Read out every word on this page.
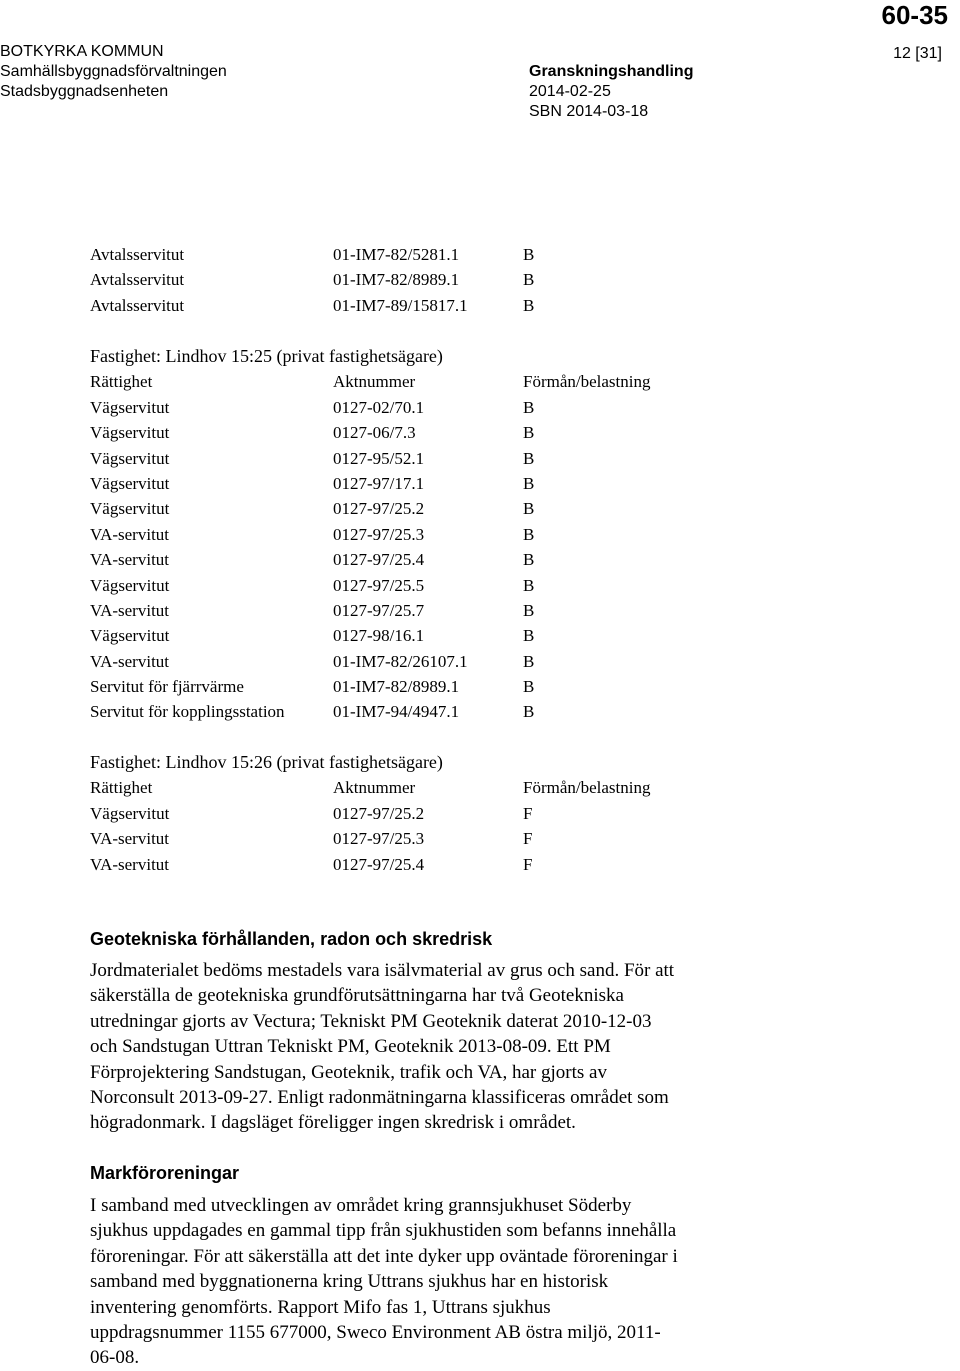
60-35
BOTKYRKA KOMMUN
Samhällsbyggnadsförvaltningen
Stadsbyggnadsenheten
12 [31]
Granskningshandling
2014-02-25
SBN 2014-03-18
Avtalsservitut	01-IM7-82/5281.1	B
Avtalsservitut	01-IM7-82/8989.1	B
Avtalsservitut	01-IM7-89/15817.1	B
Fastighet: Lindhov 15:25 (privat fastighetsägare)
Rättighet	Aktnummer	Förmån/belastning
Vägservitut	0127-02/70.1	B
Vägservitut	0127-06/7.3	B
Vägservitut	0127-95/52.1	B
Vägservitut	0127-97/17.1	B
Vägservitut	0127-97/25.2	B
VA-servitut	0127-97/25.3	B
VA-servitut	0127-97/25.4	B
Vägservitut	0127-97/25.5	B
VA-servitut	0127-97/25.7	B
Vägservitut	0127-98/16.1	B
VA-servitut	01-IM7-82/26107.1	B
Servitut för fjärrvärme	01-IM7-82/8989.1	B
Servitut för kopplingsstation	01-IM7-94/4947.1	B
Fastighet: Lindhov 15:26 (privat fastighetsägare)
Rättighet	Aktnummer	Förmån/belastning
Vägservitut	0127-97/25.2	F
VA-servitut	0127-97/25.3	F
VA-servitut	0127-97/25.4	F
Geotekniska förhållanden, radon och skredrisk
Jordmaterialet bedöms mestadels vara isälvmaterial av grus och sand. För att
säkerställa de geotekniska grundförutsättningarna har två Geotekniska
utredningar gjorts av Vectura; Tekniskt PM Geoteknik daterat 2010-12-03
och Sandstugan Uttran Tekniskt PM, Geoteknik 2013-08-09. Ett PM
Förprojektering Sandstugan, Geoteknik, trafik och VA, har gjorts av
Norconsult 2013-09-27. Enligt radonmätningarna klassificeras området som
högradonmark. I dagsläget föreligger ingen skredrisk i området.
Markföroreningar
I samband med utvecklingen av området kring grannsjukhuset Söderby
sjukhus uppdagades en gammal tipp från sjukhustiden som befanns innehålla
föroreningar. För att säkerställa att det inte dyker upp oväntade föroreningar i
samband med byggnationerna kring Uttrans sjukhus har en historisk
inventering genomförts. Rapport Mifo fas 1, Uttrans sjukhus
uppdragsnummer 1155 677000, Sweco Environment AB östra miljö, 2011-
06-08.
